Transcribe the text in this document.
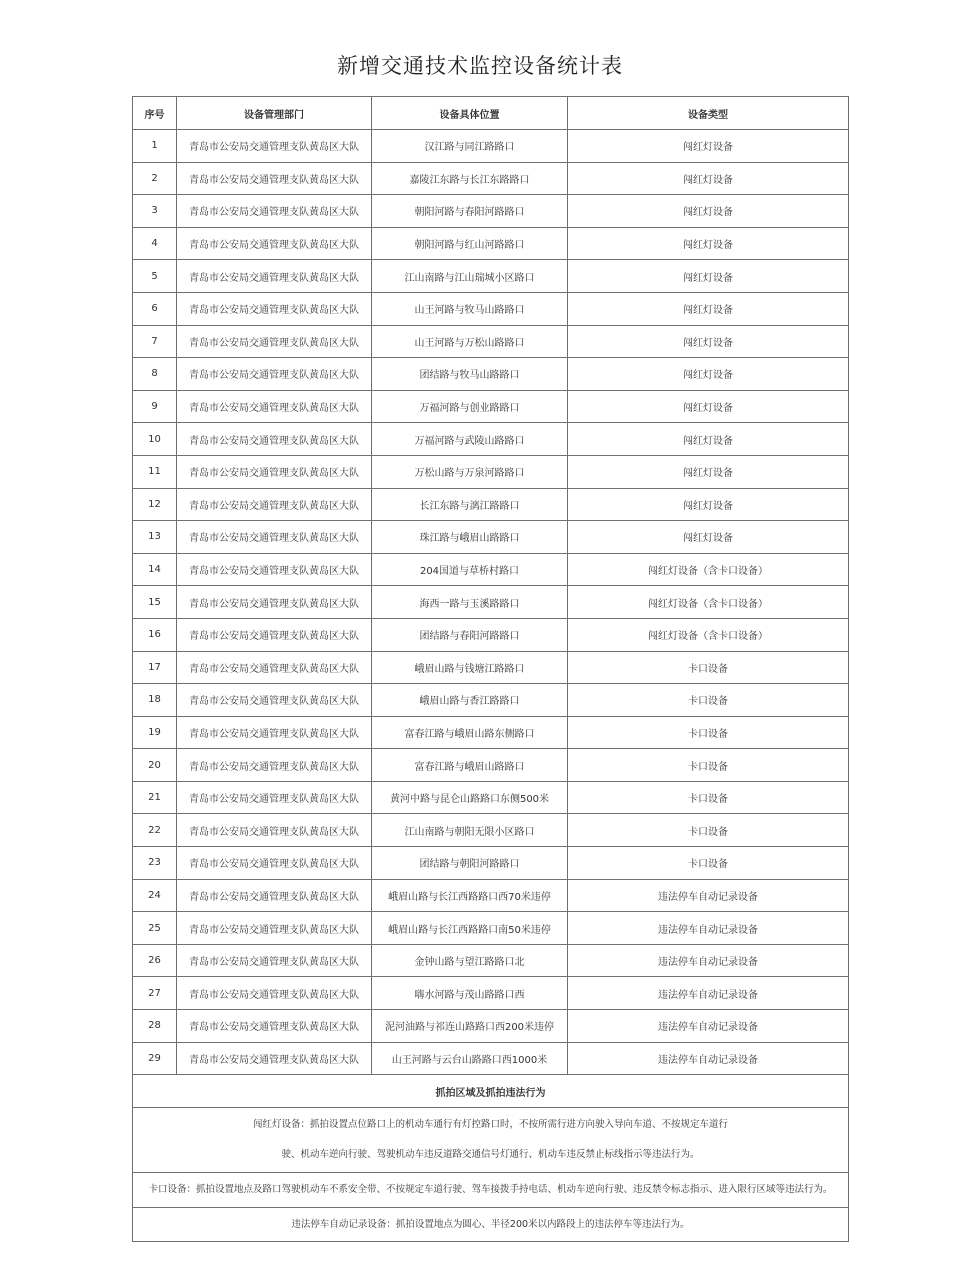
新增交通技术监控设备统计表
序号	设备管理部门	设备具体位置	设备类型
1	青岛市公安局交通管理支队黄岛区大队	汉江路与同江路路口	闯红灯设备
2	青岛市公安局交通管理支队黄岛区大队	嘉陵江东路与长江东路路口	闯红灯设备
3	青岛市公安局交通管理支队黄岛区大队	朝阳河路与春阳河路路口	闯红灯设备
4	青岛市公安局交通管理支队黄岛区大队	朝阳河路与红山河路路口	闯红灯设备
5	青岛市公安局交通管理支队黄岛区大队	江山南路与江山瑞城小区路口	闯红灯设备
6	青岛市公安局交通管理支队黄岛区大队	山王河路与牧马山路路口	闯红灯设备
7	青岛市公安局交通管理支队黄岛区大队	山王河路与万松山路路口	闯红灯设备
8	青岛市公安局交通管理支队黄岛区大队	团结路与牧马山路路口	闯红灯设备
9	青岛市公安局交通管理支队黄岛区大队	万福河路与创业路路口	闯红灯设备
10	青岛市公安局交通管理支队黄岛区大队	万福河路与武陵山路路口	闯红灯设备
11	青岛市公安局交通管理支队黄岛区大队	万松山路与万泉河路路口	闯红灯设备
12	青岛市公安局交通管理支队黄岛区大队	长江东路与漓江路路口	闯红灯设备
13	青岛市公安局交通管理支队黄岛区大队	珠江路与峨眉山路路口	闯红灯设备
14	青岛市公安局交通管理支队黄岛区大队	204国道与草桥村路口	闯红灯设备（含卡口设备）
15	青岛市公安局交通管理支队黄岛区大队	海西一路与玉溪路路口	闯红灯设备（含卡口设备）
16	青岛市公安局交通管理支队黄岛区大队	团结路与春阳河路路口	闯红灯设备（含卡口设备）
17	青岛市公安局交通管理支队黄岛区大队	峨眉山路与钱塘江路路口	卡口设备
18	青岛市公安局交通管理支队黄岛区大队	峨眉山路与香江路路口	卡口设备
19	青岛市公安局交通管理支队黄岛区大队	富春江路与峨眉山路东侧路口	卡口设备
20	青岛市公安局交通管理支队黄岛区大队	富春江路与峨眉山路路口	卡口设备
21	青岛市公安局交通管理支队黄岛区大队	黄河中路与昆仑山路路口东侧500米	卡口设备
22	青岛市公安局交通管理支队黄岛区大队	江山南路与朝阳无限小区路口	卡口设备
23	青岛市公安局交通管理支队黄岛区大队	团结路与朝阳河路路口	卡口设备
24	青岛市公安局交通管理支队黄岛区大队	峨眉山路与长江西路路口西70米违停	违法停车自动记录设备
25	青岛市公安局交通管理支队黄岛区大队	峨眉山路与长江西路路口南50米违停	违法停车自动记录设备
26	青岛市公安局交通管理支队黄岛区大队	金钟山路与望江路路口北	违法停车自动记录设备
27	青岛市公安局交通管理支队黄岛区大队	嗨水河路与茂山路路口西	违法停车自动记录设备
28	青岛市公安局交通管理支队黄岛区大队	泥河油路与祁连山路路口西200米违停	违法停车自动记录设备
29	青岛市公安局交通管理支队黄岛区大队	山王河路与云台山路路口西1000米	违法停车自动记录设备
抓拍区域及抓拍违法行为			

闯红灯设备：抓拍设置点位路口上的机动车通行有灯控路口时，不按所需行进方向驶入导向车道、不按规定车道行
驶、机动车逆向行驶、驾驶机动车违反道路交通信号灯通行、机动车违反禁止标线指示等违法行为。			

卡口设备：抓拍设置地点及路口驾驶机动车不系安全带、不按规定车道行驶、驾车接拨手持电话、机动车逆向行驶、违反禁令标志指示、进入限行区域等违法行为。			
违法停车自动记录设备：抓拍设置地点为圆心、半径200米以内路段上的违法停车等违法行为。			
